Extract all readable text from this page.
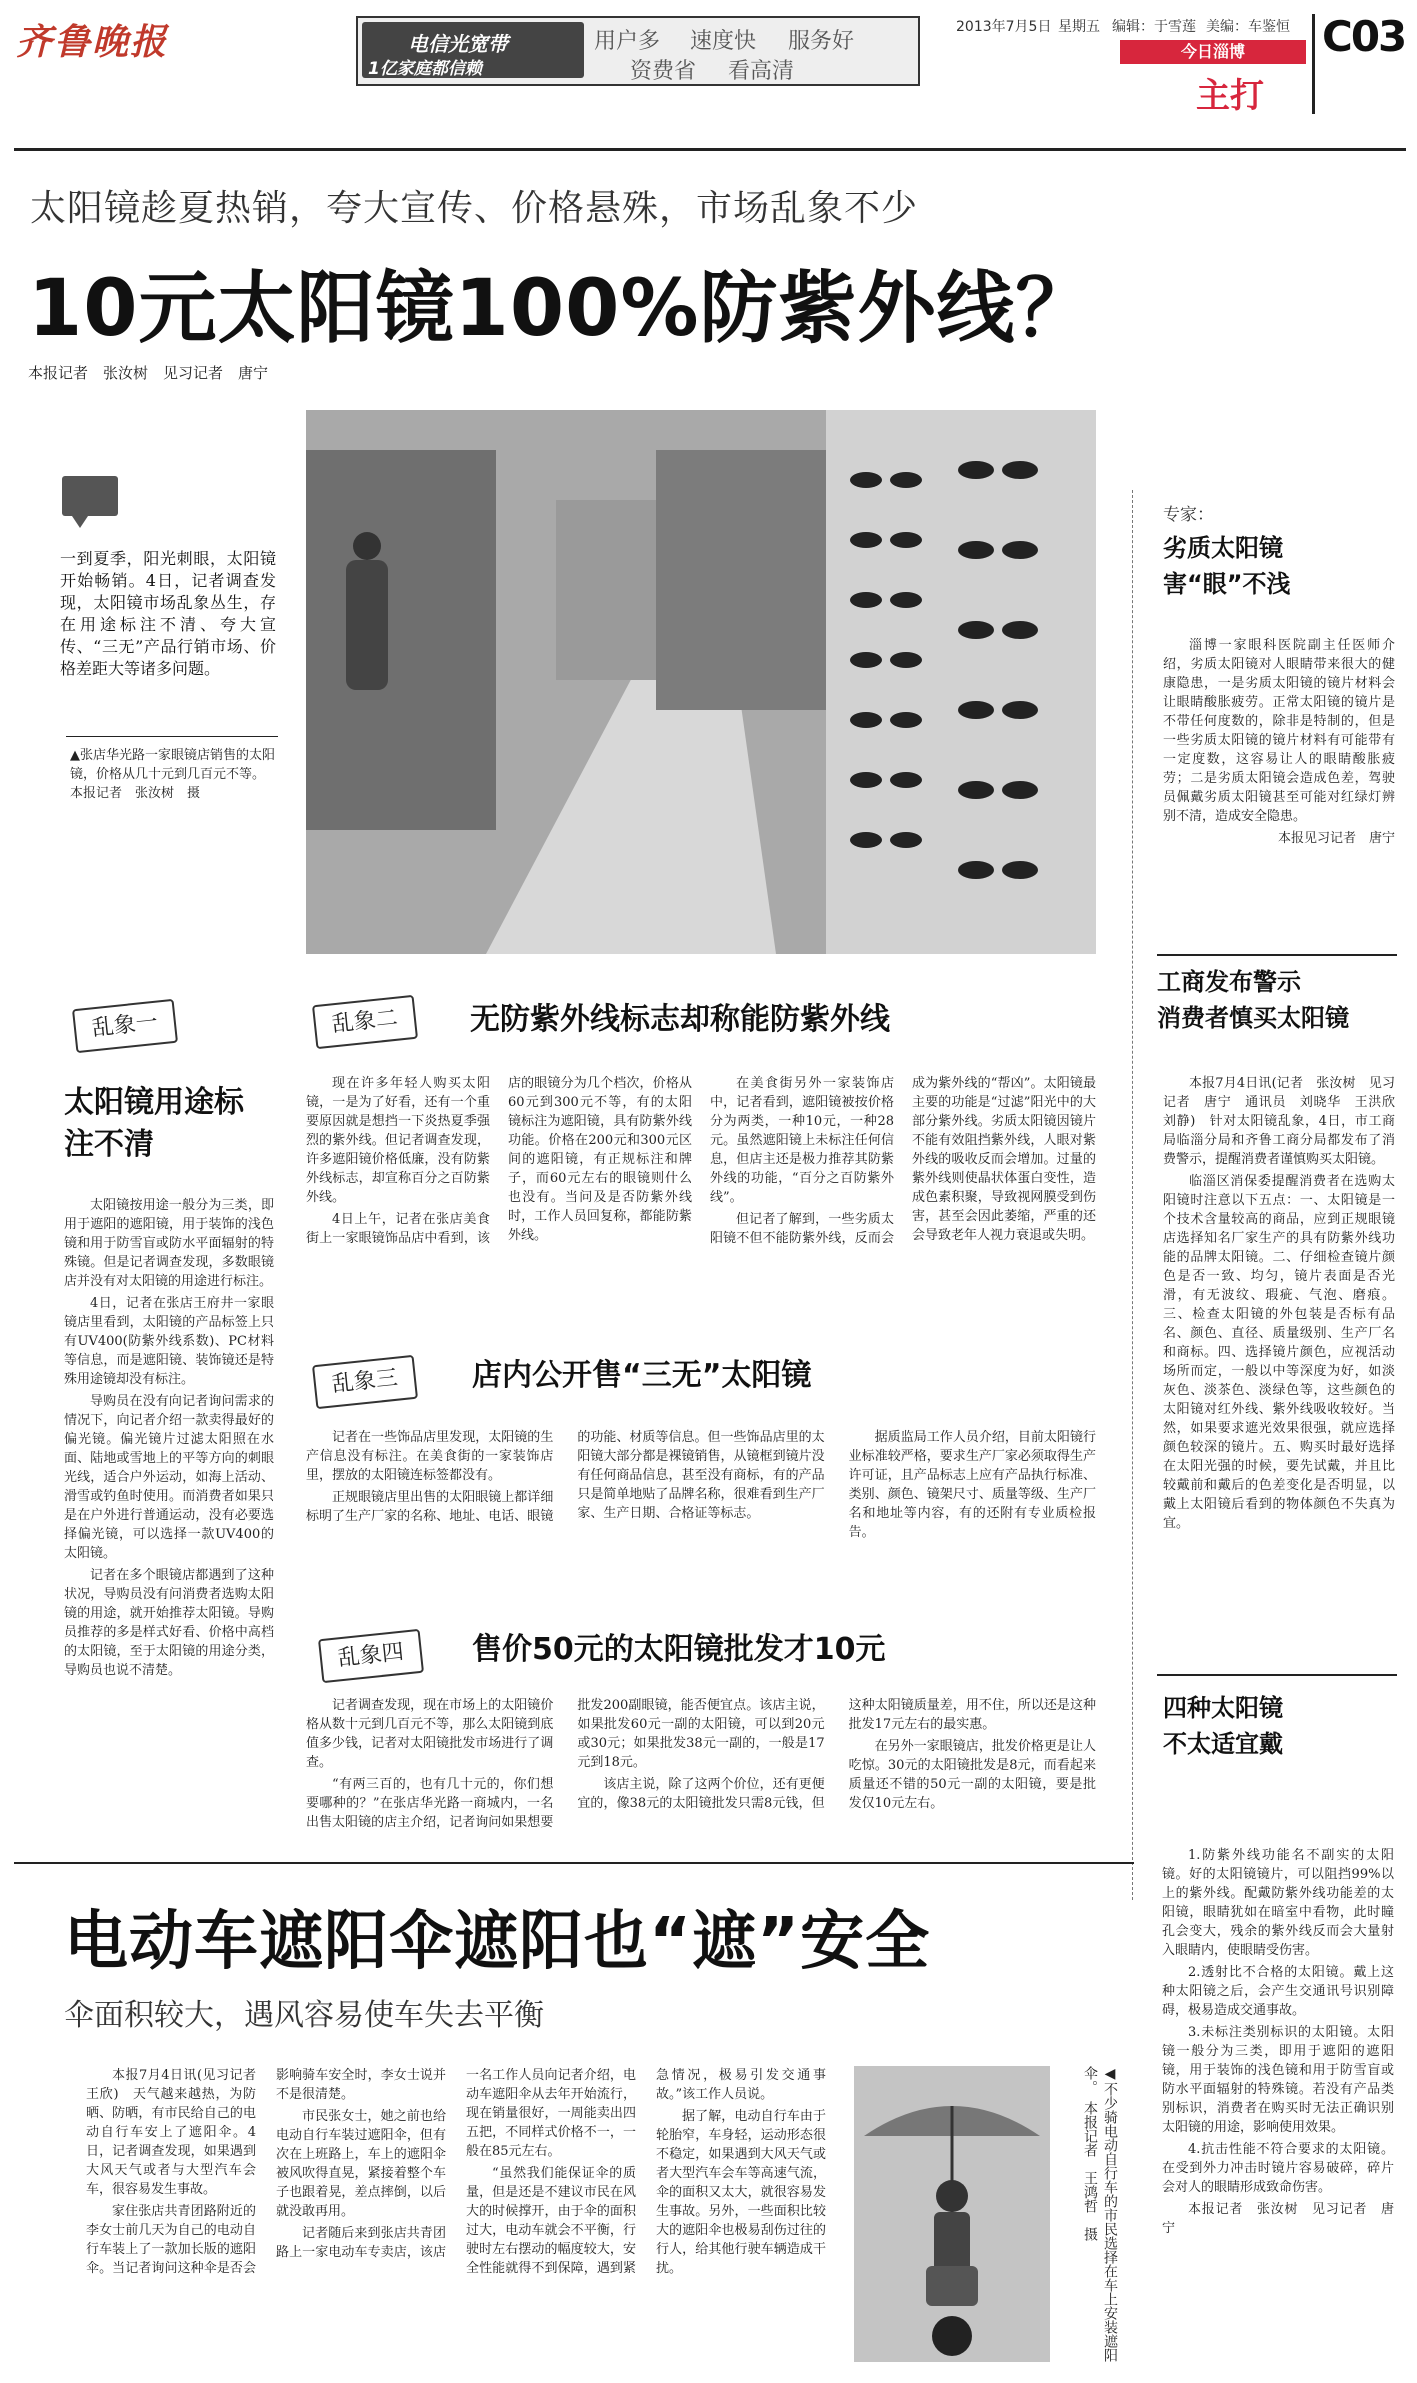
齐鲁晚报	电信光宽带
1亿家庭都信赖
用户多 速度快 服务好
资费省 看高清
2013年7月5日 星期五 编辑：于雪莲 美编：车鉴恒
今日淄博
主打
C03
太阳镜趁夏热销，夸大宣传、价格悬殊，市场乱象不少
10元太阳镜100%防紫外线？
本报记者　张汝树　见习记者　唐宁
一到夏季，阳光刺眼，太阳镜开始畅销。4日，记者调查发现，太阳镜市场乱象丛生，存在用途标注不清、夸大宣传、“三无”产品行销市场、价格差距大等诸多问题。
▲张店华光路一家眼镜店销售的太阳镜，价格从几十元到几百元不等。
本报记者　张汝树　摄
乱象一
太阳镜用途标注不清

太阳镜按用途一般分为三类，即用于遮阳的遮阳镜，用于装饰的浅色镜和用于防雪盲或防水平面辐射的特殊镜。但是记者调查发现，多数眼镜店并没有对太阳镜的用途进行标注。

4日，记者在张店王府井一家眼镜店里看到，太阳镜的产品标签上只有UV400(防紫外线系数)、PC材料等信息，而是遮阳镜、装饰镜还是特殊用途镜却没有标注。

导购员在没有向记者询问需求的情况下，向记者介绍一款卖得最好的偏光镜。偏光镜片过滤太阳照在水面、陆地或雪地上的平等方向的刺眼光线，适合户外运动，如海上活动、滑雪或钓鱼时使用。而消费者如果只是在户外进行普通运动，没有必要选择偏光镜，可以选择一款UV400的太阳镜。

记者在多个眼镜店都遇到了这种状况，导购员没有问消费者选购太阳镜的用途，就开始推荐太阳镜。导购员推荐的多是样式好看、价格中高档的太阳镜，至于太阳镜的用途分类，导购员也说不清楚。

乱象二	无防紫外线标志却称能防紫外线

现在许多年轻人购买太阳镜，一是为了好看，还有一个重要原因就是想挡一下炎热夏季强烈的紫外线。但记者调查发现，许多遮阳镜价格低廉，没有防紫外线标志，却宣称百分之百防紫外线。

4日上午，记者在张店美食街上一家眼镜饰品店中看到，该店的眼镜分为几个档次，价格从60元到300元不等，有的太阳镜标注为遮阳镜，具有防紫外线功能。价格在200元和300元区间的遮阳镜，有正规标注和牌子，而60元左右的眼镜则什么也没有。当问及是否防紫外线时，工作人员回复称，都能防紫外线。

在美食街另外一家装饰店中，记者看到，遮阳镜被按价格分为两类，一种10元，一种28元。虽然遮阳镜上未标注任何信息，但店主还是极力推荐其防紫外线的功能，“百分之百防紫外线”。

但记者了解到，一些劣质太阳镜不但不能防紫外线，反而会成为紫外线的“帮凶”。太阳镜最主要的功能是“过滤”阳光中的大部分紫外线。劣质太阳镜因镜片不能有效阻挡紫外线，人眼对紫外线的吸收反而会增加。过量的紫外线则使晶状体蛋白变性，造成色素积聚，导致视网膜受到伤害，甚至会因此萎缩，严重的还会导致老年人视力衰退或失明。

乱象三	店内公开售“三无”太阳镜

记者在一些饰品店里发现，太阳镜的生产信息没有标注。在美食街的一家装饰店里，摆放的太阳镜连标签都没有。

正规眼镜店里出售的太阳眼镜上都详细标明了生产厂家的名称、地址、电话、眼镜的功能、材质等信息。但一些饰品店里的太阳镜大部分都是裸镜销售，从镜框到镜片没有任何商品信息，甚至没有商标，有的产品只是简单地贴了品牌名称，很难看到生产厂家、生产日期、合格证等标志。

据质监局工作人员介绍，目前太阳镜行业标准较严格，要求生产厂家必须取得生产许可证，且产品标志上应有产品执行标准、类别、颜色、镜架尺寸、质量等级、生产厂名和地址等内容，有的还附有专业质检报告。

乱象四	售价50元的太阳镜批发才10元

记者调查发现，现在市场上的太阳镜价格从数十元到几百元不等，那么太阳镜到底值多少钱，记者对太阳镜批发市场进行了调查。

“有两三百的，也有几十元的，你们想要哪种的？”在张店华光路一商城内，一名出售太阳镜的店主介绍，记者询问如果想要批发200副眼镜，能否便宜点。该店主说，如果批发60元一副的太阳镜，可以到20元或30元；如果批发38元一副的，一般是17元到18元。

该店主说，除了这两个价位，还有更便宜的，像38元的太阳镜批发只需8元钱，但这种太阳镜质量差，用不住，所以还是这种批发17元左右的最实惠。

在另外一家眼镜店，批发价格更是让人吃惊。30元的太阳镜批发是8元，而看起来质量还不错的50元一副的太阳镜，要是批发仅10元左右。

专家：
劣质太阳镜
害“眼”不浅

淄博一家眼科医院副主任医师介绍，劣质太阳镜对人眼睛带来很大的健康隐患，一是劣质太阳镜的镜片材料会让眼睛酸胀疲劳。正常太阳镜的镜片是不带任何度数的，除非是特制的，但是一些劣质太阳镜的镜片材料有可能带有一定度数，这容易让人的眼睛酸胀疲劳；二是劣质太阳镜会造成色差，驾驶员佩戴劣质太阳镜甚至可能对红绿灯辨别不清，造成安全隐患。

本报见习记者　唐宁

工商发布警示
消费者慎买太阳镜

本报7月4日讯(记者　张汝树　见习记者　唐宁　通讯员　刘晓华　王洪欣　刘静)　针对太阳镜乱象，4日，市工商局临淄分局和齐鲁工商分局都发布了消费警示，提醒消费者谨慎购买太阳镜。

临淄区消保委提醒消费者在选购太阳镜时注意以下五点：一、太阳镜是一个技术含量较高的商品，应到正规眼镜店选择知名厂家生产的具有防紫外线功能的品牌太阳镜。二、仔细检查镜片颜色是否一致、均匀，镜片表面是否光滑，有无波纹、瑕疵、气泡、磨痕。三、检查太阳镜的外包装是否标有品名、颜色、直径、质量级别、生产厂名和商标。四、选择镜片颜色，应视活动场所而定，一般以中等深度为好，如淡灰色、淡茶色、淡绿色等，这些颜色的太阳镜对红外线、紫外线吸收较好。当然，如果要求遮光效果很强，就应选择颜色较深的镜片。五、购买时最好选择在太阳光强的时候，要先试戴，并且比较戴前和戴后的色差变化是否明显，以戴上太阳镜后看到的物体颜色不失真为宜。

四种太阳镜
不太适宜戴

1.防紫外线功能名不副实的太阳镜。好的太阳镜镜片，可以阻挡99%以上的紫外线。配戴防紫外线功能差的太阳镜，眼睛犹如在暗室中看物，此时瞳孔会变大，残余的紫外线反而会大量射入眼睛内，使眼睛受伤害。

2.透射比不合格的太阳镜。戴上这种太阳镜之后，会产生交通讯号识别障碍，极易造成交通事故。

3.未标注类别标识的太阳镜。太阳镜一般分为三类，即用于遮阳的遮阳镜，用于装饰的浅色镜和用于防雪盲或防水平面辐射的特殊镜。若没有产品类别标识，消费者在购买时无法正确识别太阳镜的用途，影响使用效果。

4.抗击性能不符合要求的太阳镜。在受到外力冲击时镜片容易破碎，碎片会对人的眼睛形成致命伤害。

本报记者　张汝树　见习记者　唐宁

电动车遮阳伞遮阳也“遮”安全
伞面积较大，遇风容易使车失去平衡

本报7月4日讯(见习记者　王欣)　天气越来越热，为防晒、防晒，有市民给自己的电动自行车安上了遮阳伞。4日，记者调查发现，如果遇到大风天气或者与大型汽车会车，很容易发生事故。

家住张店共青团路附近的李女士前几天为自己的电动自行车装上了一款加长版的遮阳伞。当记者询问这种伞是否会影响骑车安全时，李女士说并不是很清楚。

市民张女士，她之前也给电动自行车装过遮阳伞，但有次在上班路上，车上的遮阳伞被风吹得直晃，紧接着整个车子也跟着晃，差点摔倒，以后就没敢再用。

记者随后来到张店共青团路上一家电动车专卖店，该店一名工作人员向记者介绍，电动车遮阳伞从去年开始流行，现在销量很好，一周能卖出四五把，不同样式价格不一，一般在85元左右。

“虽然我们能保证伞的质量，但是还是不建议市民在风大的时候撑开，由于伞的面积过大，电动车就会不平衡，行驶时左右摆动的幅度较大，安全性能就得不到保障，遇到紧急情况，极易引发交通事故。”该工作人员说。

据了解，电动自行车由于轮胎窄，车身轻，运动形态很不稳定，如果遇到大风天气或者大型汽车会车等高速气流，伞的面积又太大，就很容易发生事故。另外，一些面积比较大的遮阳伞也极易刮伤过往的行人，给其他行驶车辆造成干扰。	◀不少骑电动自行车的市民选择在车上安装遮阳伞。　本报记者　王鸿哲　摄
